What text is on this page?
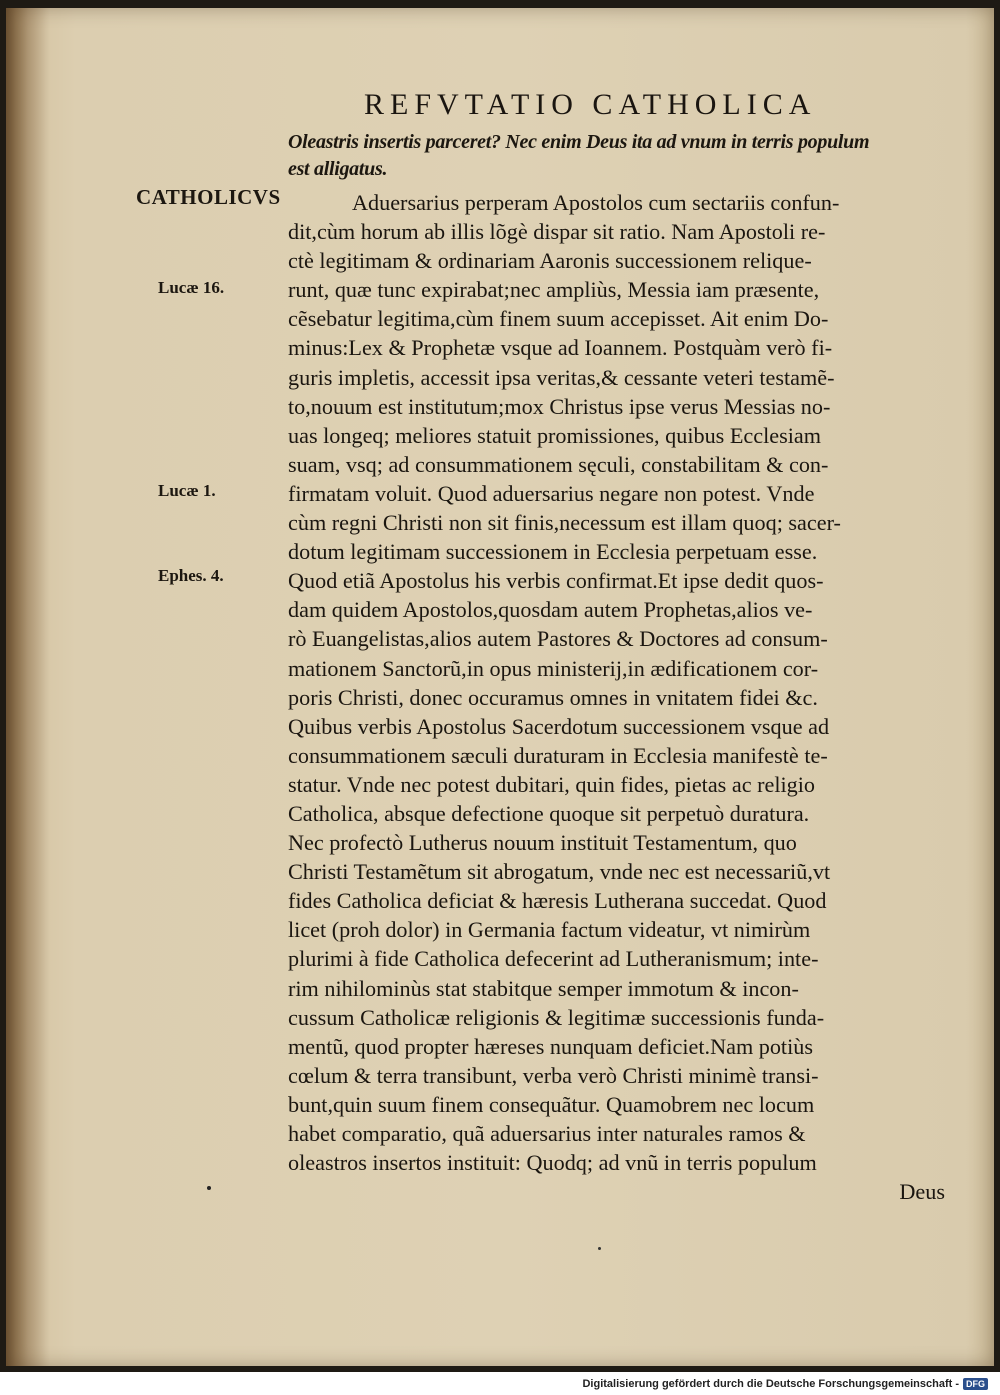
REFVTATIO CATHOLICA
CATHOLICVS
Lucæ 16.
Lucæ 1.
Ephes. 4.
Oleastris insertis parceret? Nec enim Deus ita ad vnum in terris populum
est alligatus.
Aduersarius perperam Apostolos cum sectariis confun-
dit,cùm horum ab illis lõgè dispar sit ratio. Nam Apostoli re-
ctè legitimam & ordinariam Aaronis successionem relique-
runt, quæ tunc expirabat;nec ampliùs, Messia iam præsente,
cẽsebatur legitima,cùm finem suum accepisset. Ait enim Do-
minus:Lex & Prophetæ vsque ad Ioannem. Postquàm verò fi-
guris impletis, accessit ipsa veritas,& cessante veteri testamẽ-
to,nouum est institutum;mox Christus ipse verus Messias no-
uas longeq; meliores statuit promissiones, quibus Ecclesiam
suam, vsq; ad consummationem sęculi, constabilitam & con-
firmatam voluit. Quod aduersarius negare non potest. Vnde
cùm regni Christi non sit finis,necessum est illam quoq; sacer-
dotum legitimam successionem in Ecclesia perpetuam esse.
Quod etiã Apostolus his verbis confirmat.Et ipse dedit quos-
dam quidem Apostolos,quosdam autem Prophetas,alios ve-
rò Euangelistas,alios autem Pastores & Doctores ad consum-
mationem Sanctorũ,in opus ministerij,in ædificationem cor-
poris Christi, donec occuramus omnes in vnitatem fidei &c.
Quibus verbis Apostolus Sacerdotum successionem vsque ad
consummationem sæculi duraturam in Ecclesia manifestè te-
statur. Vnde nec potest dubitari, quin fides, pietas ac religio
Catholica, absque defectione quoque sit perpetuò duratura.
Nec profectò Lutherus nouum instituit Testamentum, quo
Christi Testamẽtum sit abrogatum, vnde nec est necessariũ,vt
fides Catholica deficiat & hæresis Lutherana succedat. Quod
licet (proh dolor) in Germania factum videatur, vt nimirùm
plurimi à fide Catholica defecerint ad Lutheranismum; inte-
rim nihilominùs stat stabitque semper immotum & incon-
cussum Catholicæ religionis & legitimæ successionis funda-
mentũ, quod propter hæreses nunquam deficiet.Nam potiùs
cœlum & terra transibunt, verba verò Christi minimè transi-
bunt,quin suum finem consequãtur. Quamobrem nec locum
habet comparatio, quã aduersarius inter naturales ramos &
oleastros insertos instituit: Quodq; ad vnũ in terris populum
Deus
Digitalisierung gefördert durch die Deutsche Forschungsgemeinschaft - DFG
